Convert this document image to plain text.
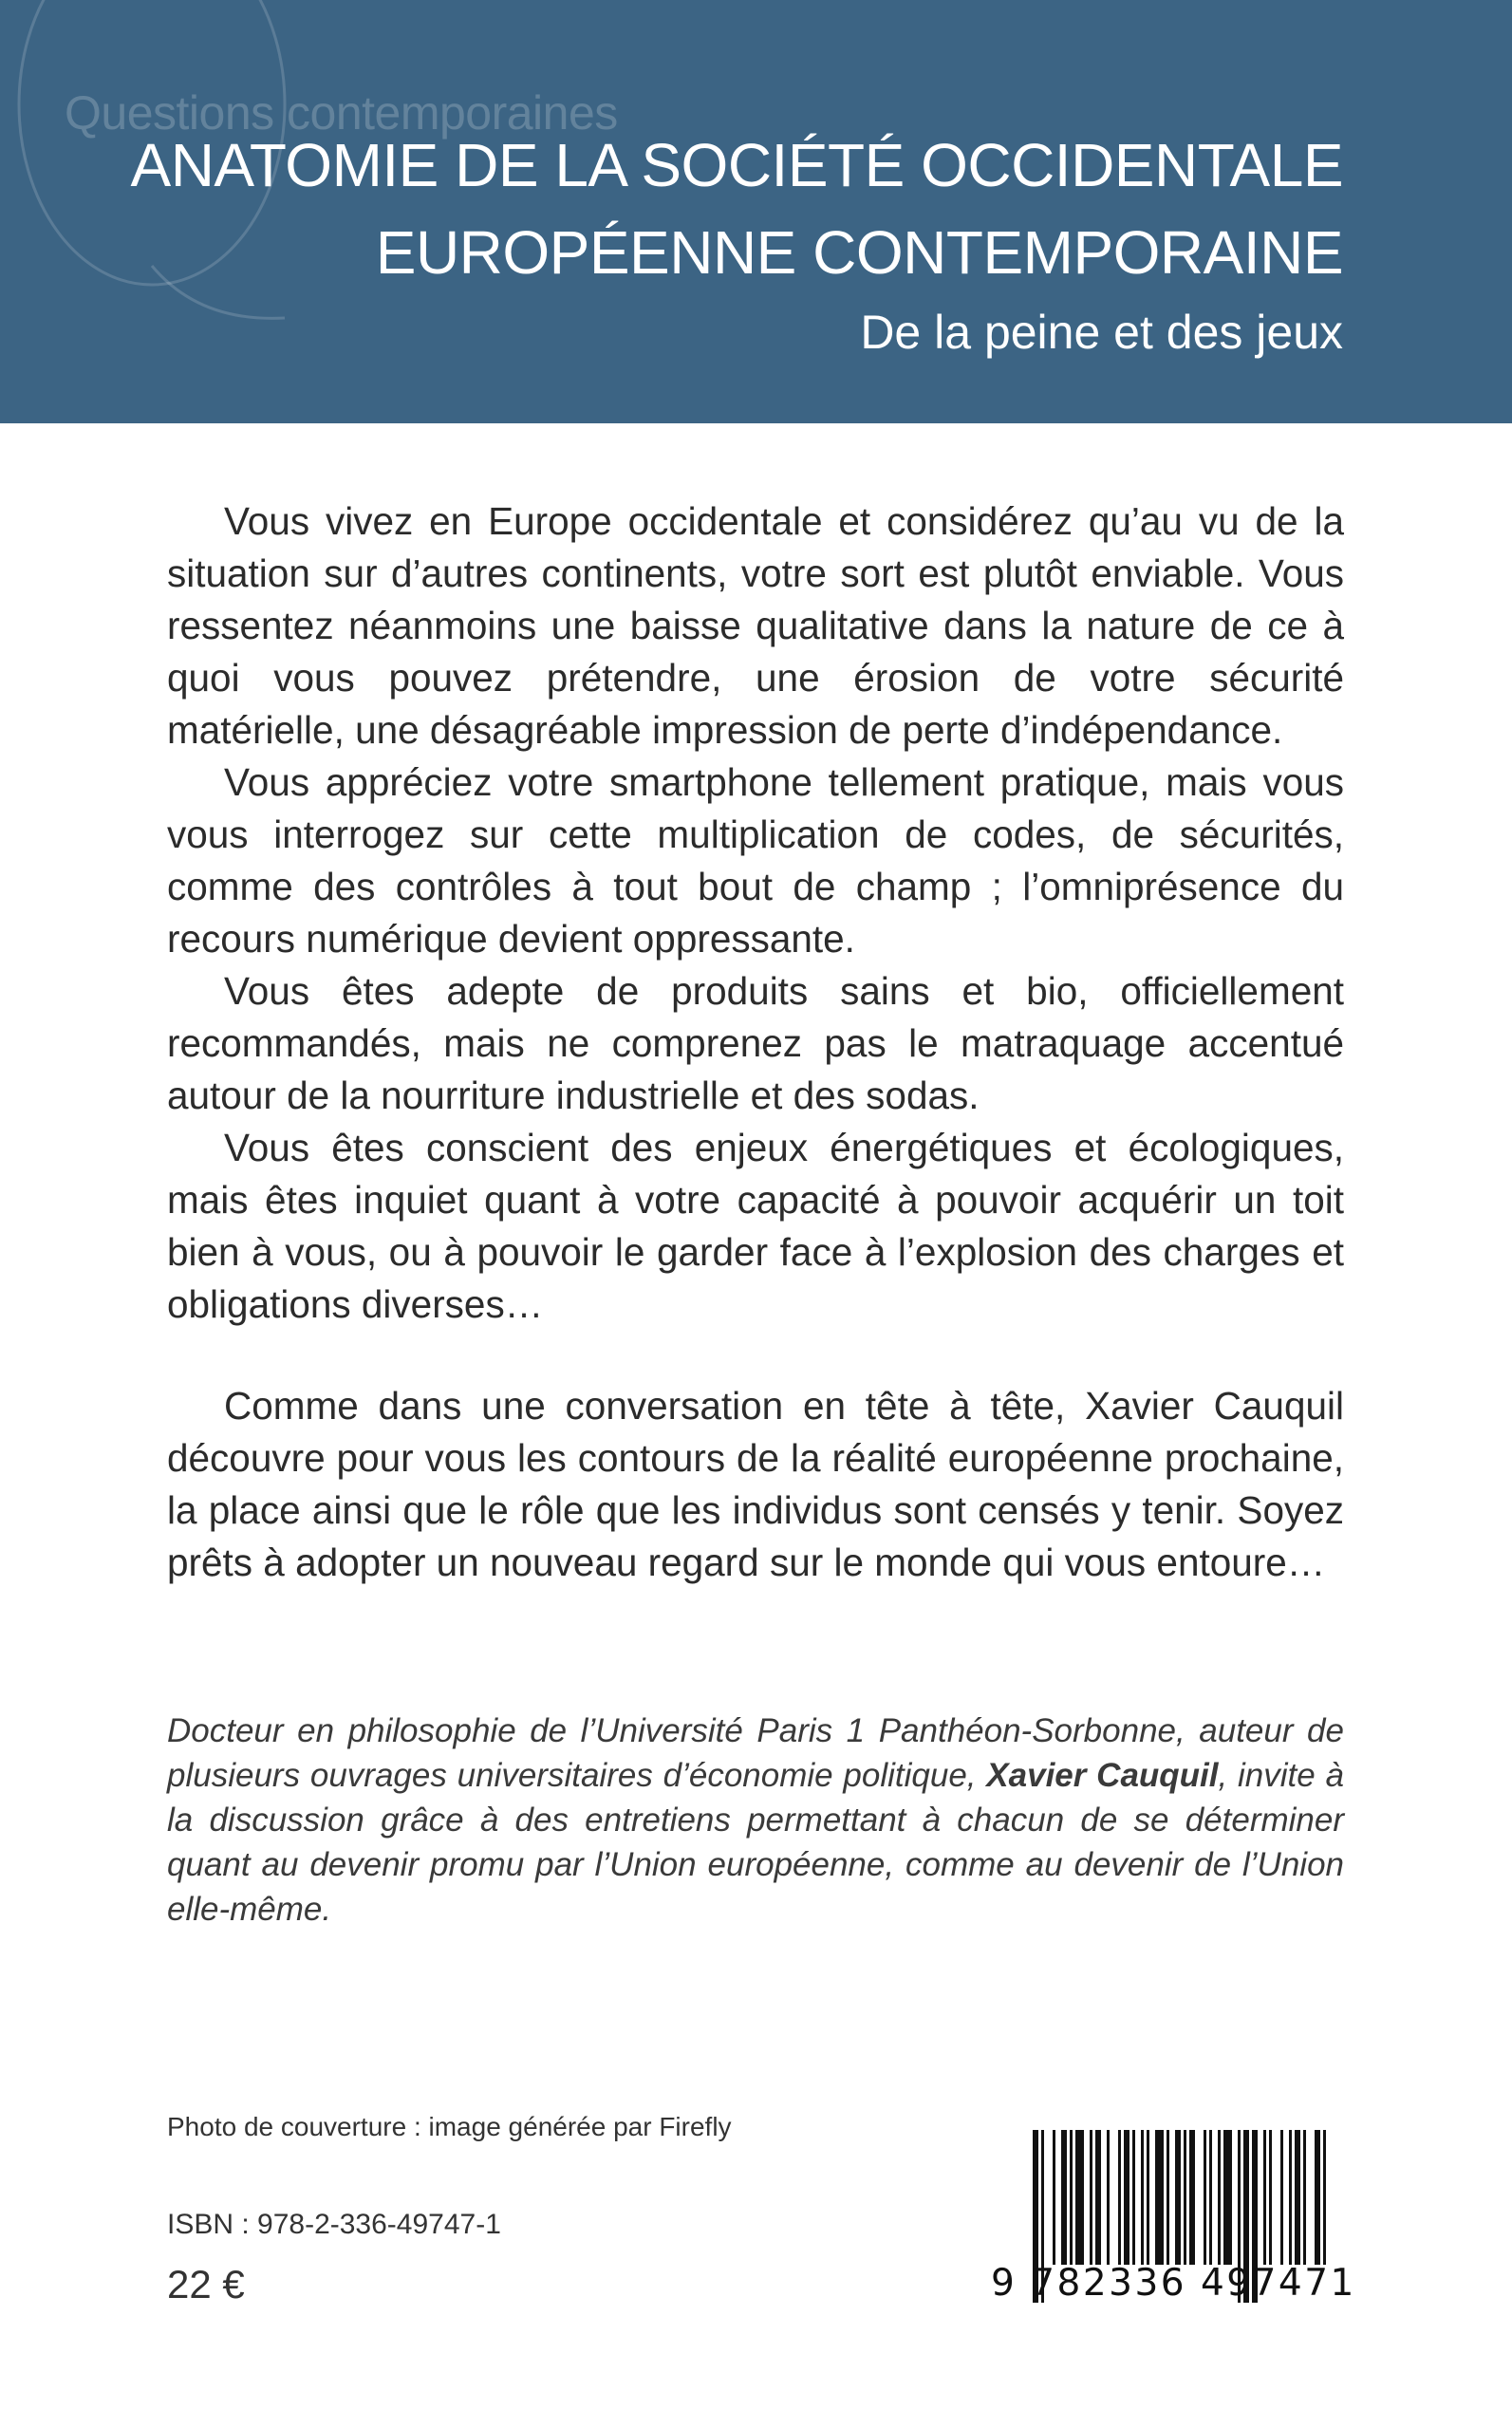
Questions contemporaines
ANATOMIE DE LA SOCIÉTÉ OCCIDENTALE
EUROPÉENNE CONTEMPORAINE
De la peine et des jeux

Vous vivez en Europe occidentale et considérez qu’au vu de la situation sur d’autres continents, votre sort est plutôt enviable. Vous ressentez néanmoins une baisse qualitative dans la nature de ce à quoi vous pouvez prétendre, une érosion de votre sécurité matérielle, une désagréable impression de perte d’indépendance.

Vous appréciez votre smartphone tellement pratique, mais vous vous interrogez sur cette multiplication de codes, de sécurités, comme des contrôles à tout bout de champ ; l’omniprésence du recours numérique devient oppressante.

Vous êtes adepte de produits sains et bio, officiellement recommandés, mais ne comprenez pas le matraquage accentué autour de la nourriture industrielle et des sodas.

Vous êtes conscient des enjeux énergétiques et écologiques, mais êtes inquiet quant à votre capacité à pouvoir acquérir un toit bien à vous, ou à pouvoir le garder face à l’explosion des charges et obligations diverses…

Comme dans une conversation en tête à tête, Xavier Cauquil découvre pour vous les contours de la réalité européenne prochaine, la place ainsi que le rôle que les individus sont censés y tenir. Soyez prêts à adopter un nouveau regard sur le monde qui vous entoure…

Docteur en philosophie de l’Université Paris 1 Panthéon-Sorbonne, auteur de plusieurs ouvrages universitaires d’économie politique, Xavier Cauquil, invite à la discussion grâce à des entretiens permettant à chacun de se déterminer quant au devenir promu par l’Union européenne, comme au devenir de l’Union elle-même.
Photo de couverture : image générée par Firefly
ISBN : 978-2-336-49747-1
22 €	9 782336 497471
